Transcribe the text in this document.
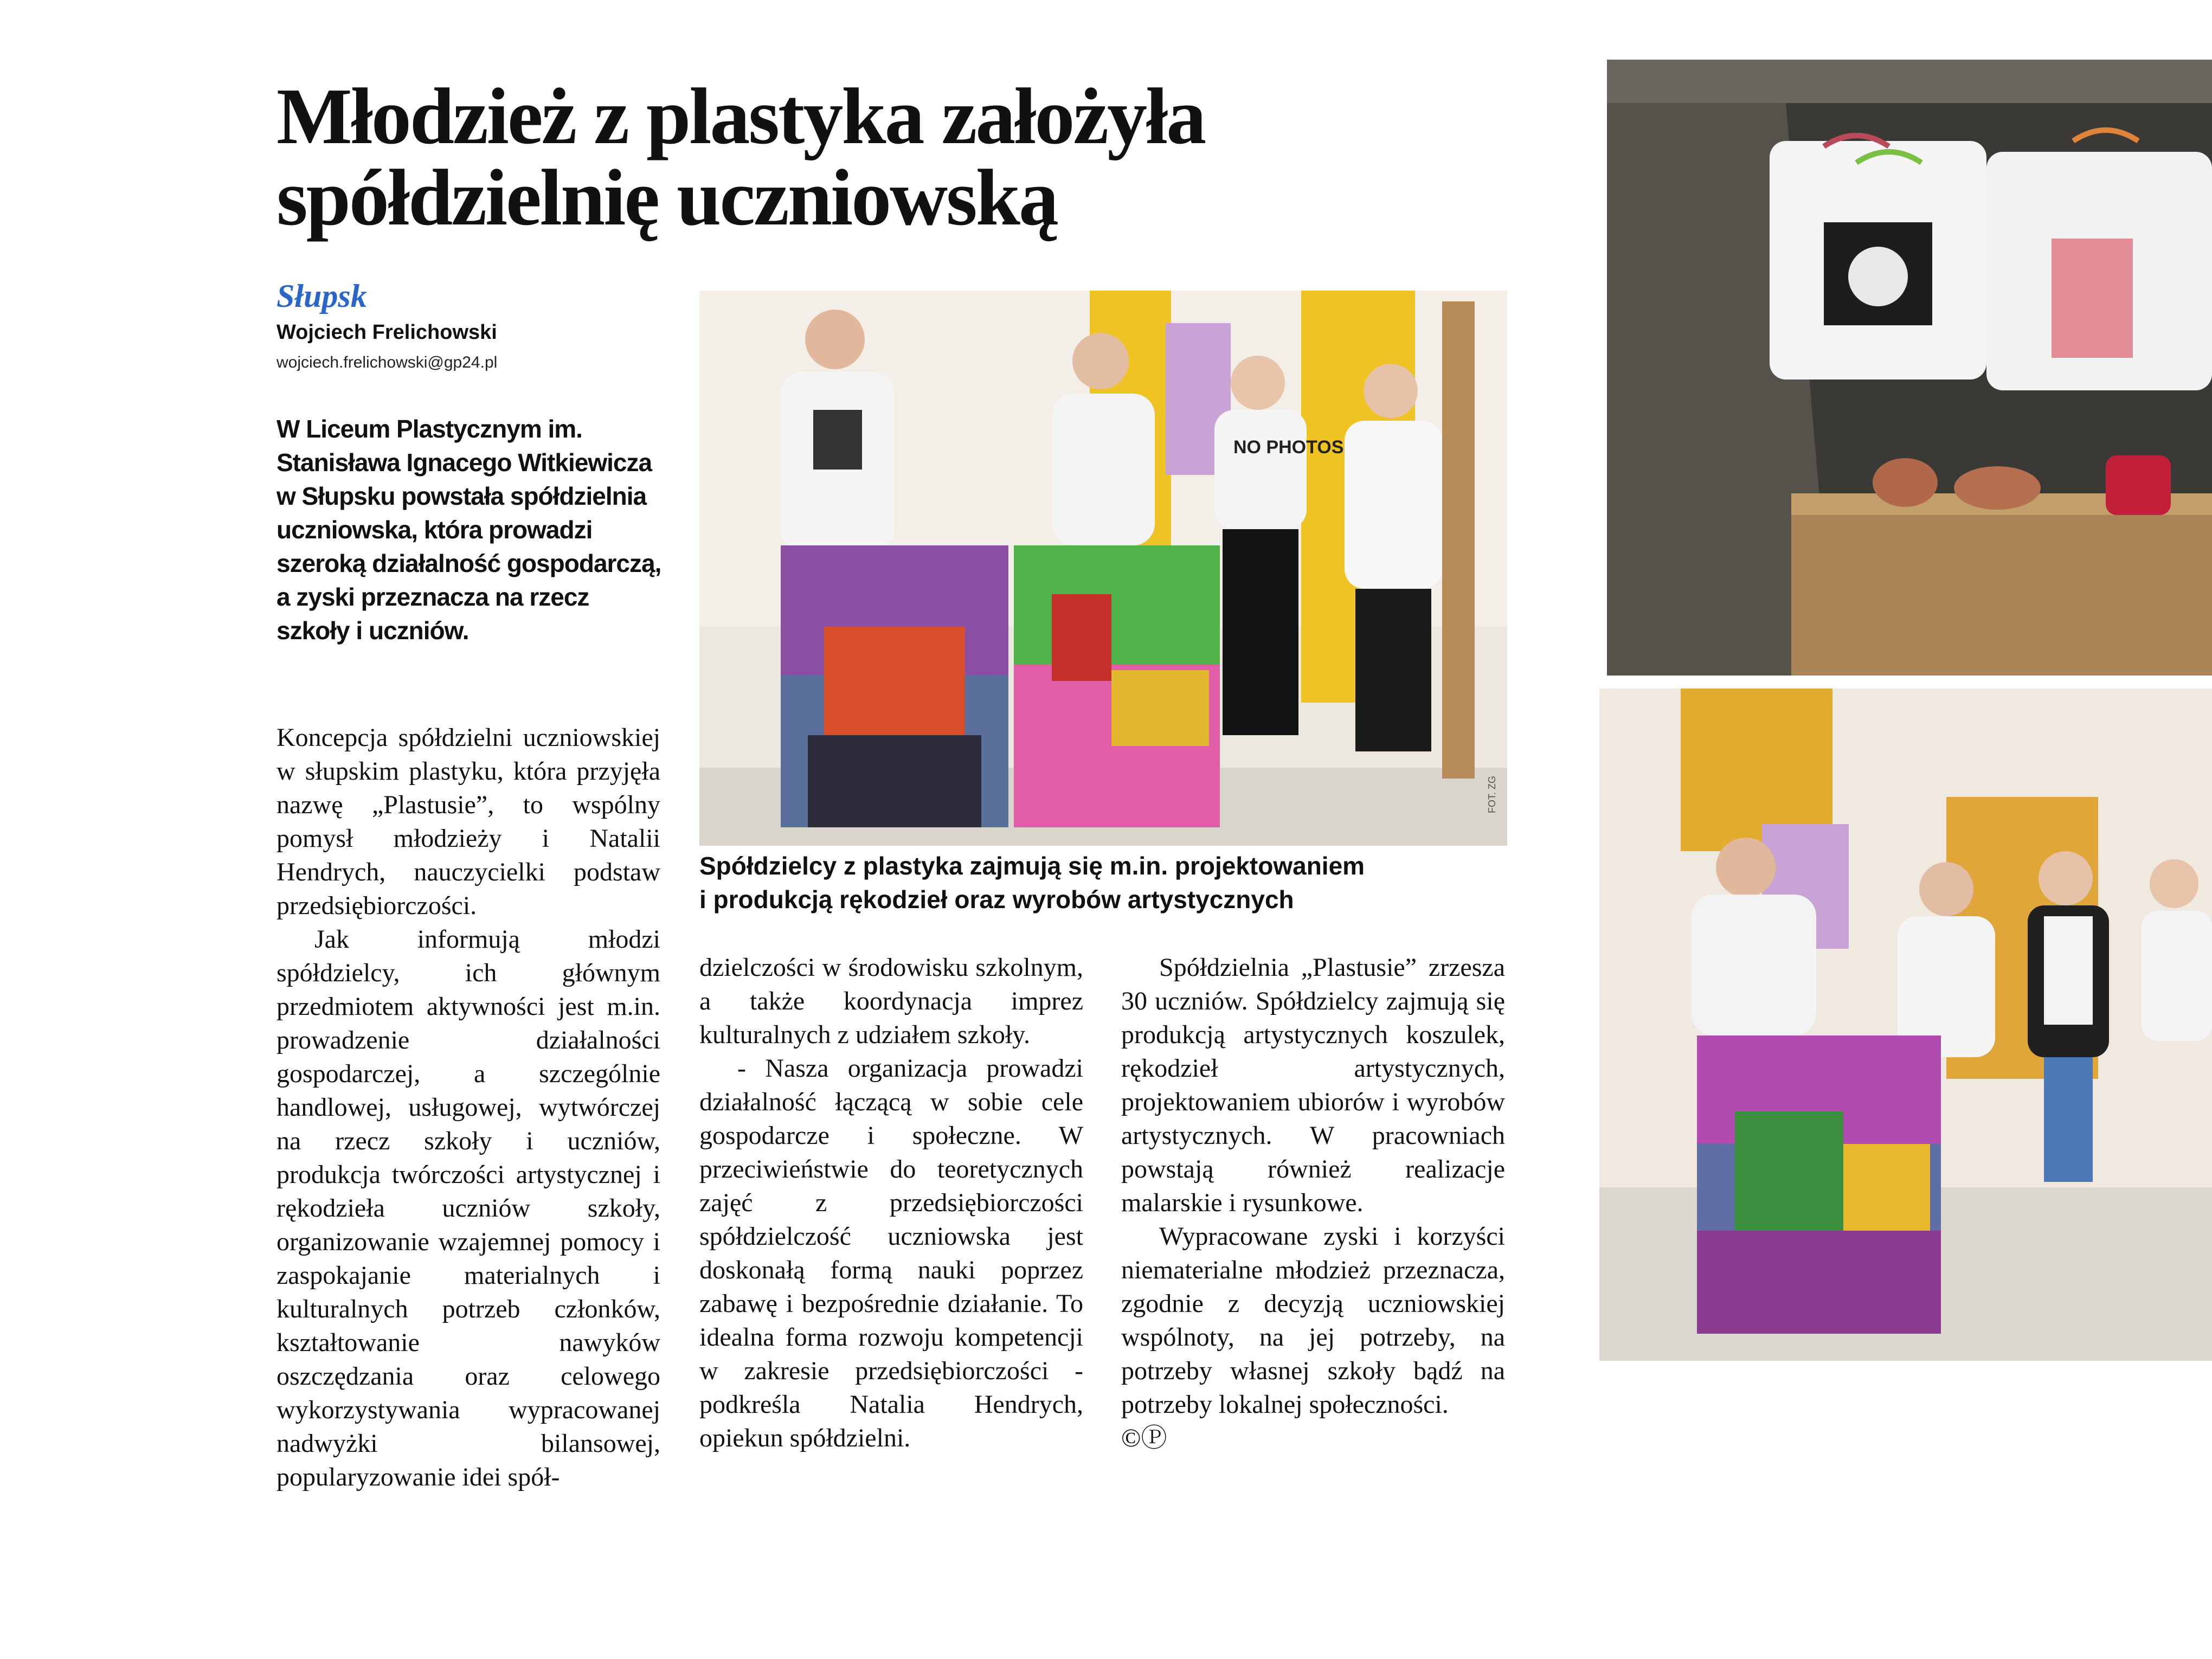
Młodzież z plastyka założyła
spółdzielnię uczniowską
Słupsk
Wojciech Frelichowski
wojciech.frelichowski@gp24.pl
W Liceum Plastycznym im. Stanisława Ignacego Witkiewicza w Słupsku powstała spółdzielnia uczniowska, która prowadzi szeroką działalność gospodarczą, a zyski przeznacza na rzecz szkoły i uczniów.

Koncepcja spółdzielni uczniowskiej w słupskim plastyku, która przyjęła nazwę „Plastusie”, to wspólny pomysł młodzieży i Natalii Hendrych, nauczycielki podstaw przedsiębiorczości.

Jak informują młodzi spółdzielcy, ich głównym przedmiotem aktywności jest m.in. prowadzenie działalności gospodarczej, a szczególnie handlowej, usługowej, wytwórczej na rzecz szkoły i uczniów, produkcja twórczości artystycznej i rękodzieła uczniów szkoły, organizowanie wzajemnej pomocy i zaspokajanie materialnych i kulturalnych potrzeb członków, kształtowanie nawyków oszczędzania oraz celowego wykorzystywania wypracowanej nadwyżki bilansowej, popularyzowanie idei spół-

NO PHOTOS
FOT. ZG
Spółdzielcy z plastyka zajmują się m.in. projektowaniem
i produkcją rękodzieł oraz wyrobów artystycznych

dzielczości w środowisku szkolnym, a także koordynacja imprez kulturalnych z udziałem szkoły.

- Nasza organizacja prowadzi działalność łączącą w sobie cele gospodarcze i społeczne. W przeciwieństwie do teoretycznych zajęć z przedsiębiorczości spółdzielczość uczniowska jest doskonałą formą nauki poprzez zabawę i bezpośrednie działanie. To idealna forma rozwoju kompetencji w zakresie przedsiębiorczości - podkreśla Natalia Hendrych, opiekun spółdzielni.

Spółdzielnia „Plastusie” zrzesza 30 uczniów. Spółdzielcy zajmują się produkcją artystycznych koszulek, rękodzieł artystycznych, projektowaniem ubiorów i wyrobów artystycznych. W pracowniach powstają również realizacje malarskie i rysunkowe.

Wypracowane zyski i korzyści niematerialne młodzież przeznacza, zgodnie z decyzją uczniowskiej wspólnoty, na jej potrzeby, na potrzeby własnej szkoły bądź na potrzeby lokalnej społeczności.

©Ⓟ
